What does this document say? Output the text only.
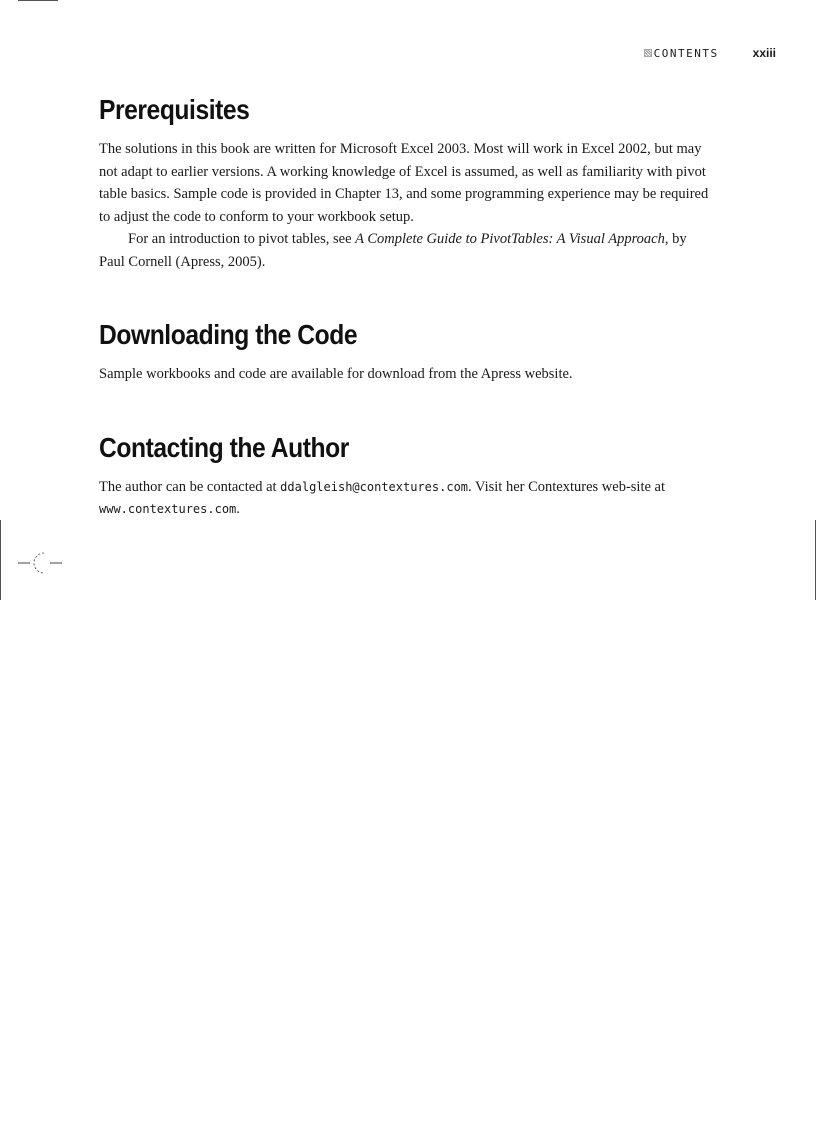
CONTENTS	xxiii
Prerequisites

The solutions in this book are written for Microsoft Excel 2003. Most will work in Excel 2002, but may not adapt to earlier versions. A working knowledge of Excel is assumed, as well as familiarity with pivot table basics. Sample code is provided in Chapter 13, and some programming experience may be required to adjust the code to conform to your workbook setup.

For an introduction to pivot tables, see A Complete Guide to PivotTables: A Visual Approach, by Paul Cornell (Apress, 2005).

Downloading the Code

Sample workbooks and code are available for download from the Apress website.

Contacting the Author

The author can be contacted at ddalgleish@contextures.com. Visit her Contextures web-site at www.contextures.com.
